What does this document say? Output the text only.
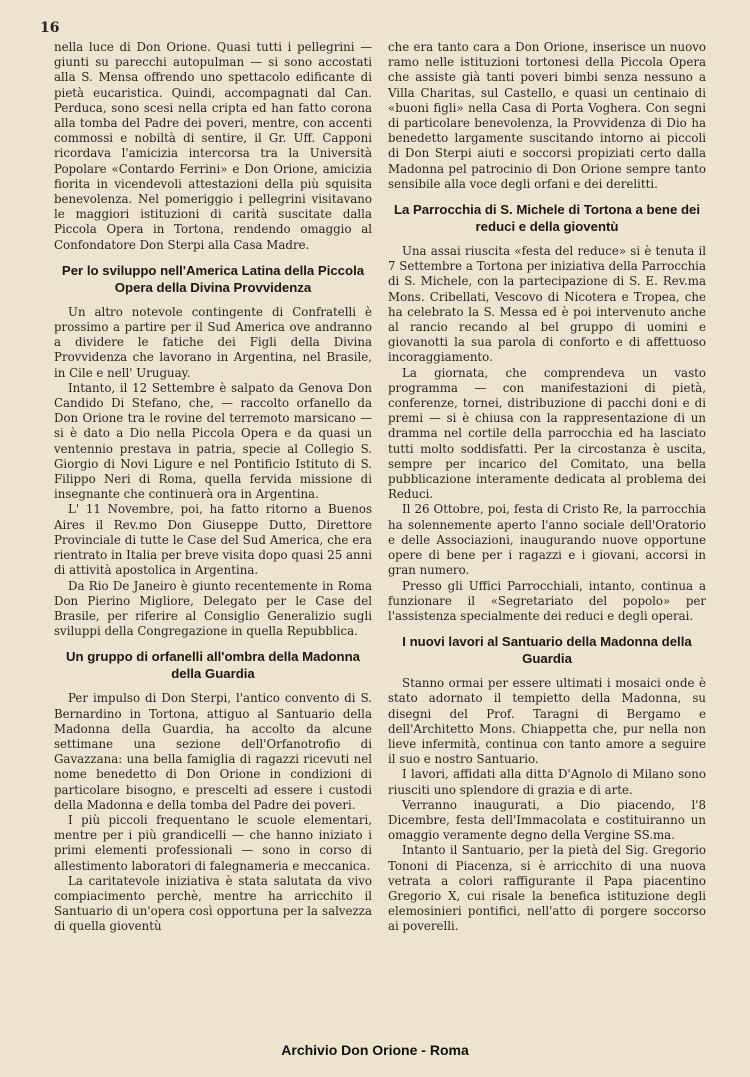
16

nella luce di Don Orione. Quasi tutti i pellegrini — giunti su parecchi autopulman — si sono accostati alla S. Mensa offrendo uno spettacolo edificante di pietà eucaristica. Quindi, accompagnati dal Can. Perduca, sono scesi nella cripta ed han fatto corona alla tomba del Padre dei poveri, mentre, con accenti commossi e nobiltà di sentire, il Gr. Uff. Capponi ricordava l'amicizia intercorsa tra la Università Popolare «Contardo Ferrini» e Don Orione, amicizia fiorita in vicendevoli attestazioni della più squisita benevolenza. Nel pomeriggio i pellegrini visitavano le maggiori istituzioni di carità suscitate dalla Piccola Opera in Tortona, rendendo omaggio al Confondatore Don Sterpi alla Casa Madre.

Per lo sviluppo nell'America Latina della Piccola Opera della Divina Provvidenza

Un altro notevole contingente di Confratelli è prossimo a partire per il Sud America ove andranno a dividere le fatiche dei Figli della Divina Provvidenza che lavorano in Argentina, nel Brasile, in Cile e nell' Uruguay.

Intanto, il 12 Settembre è salpato da Genova Don Candido Di Stefano, che, — raccolto orfanello da Don Orione tra le rovine del terremoto marsicano — si è dato a Dio nella Piccola Opera e da quasi un ventennio prestava in patria, specie al Collegio S. Giorgio di Novi Ligure e nel Pontificio Istituto di S. Filippo Neri di Roma, quella fervida missione di insegnante che continuerà ora in Argentina.

L' 11 Novembre, poi, ha fatto ritorno a Buenos Aires il Rev.mo Don Giuseppe Dutto, Direttore Provinciale di tutte le Case del Sud America, che era rientrato in Italia per breve visita dopo quasi 25 anni di attività apostolica in Argentina.

Da Rio De Janeiro è giunto recentemente in Roma Don Pierino Migliore, Delegato per le Case del Brasile, per riferire al Consiglio Generalizio sugli sviluppi della Congregazione in quella Repubblica.

Un gruppo di orfanelli all'ombra della Madonna della Guardia

Per impulso di Don Sterpi, l'antico convento di S. Bernardino in Tortona, attiguo al Santuario della Madonna della Guardia, ha accolto da alcune settimane una sezione dell'Orfanotrofio di Gavazzana: una bella famiglia di ragazzi ricevuti nel nome benedetto di Don Orione in condizioni di particolare bisogno, e prescelti ad essere i custodi della Madonna e della tomba del Padre dei poveri.

I più piccoli frequentano le scuole elementari, mentre per i più grandicelli — che hanno iniziato i primi elementi professionali — sono in corso di allestimento laboratori di falegnameria e meccanica.

La caritatevole iniziativa è stata salutata da vivo compiacimento perchè, mentre ha arricchito il Santuario di un'opera così opportuna per la salvezza di quella gioventù

che era tanto cara a Don Orione, inserisce un nuovo ramo nelle istituzioni tortonesi della Piccola Opera che assiste già tanti poveri bimbi senza nessuno a Villa Charitas, sul Castello, e quasi un centinaio di «buoni figli» nella Casa di Porta Voghera. Con segni di particolare benevolenza, la Provvidenza di Dio ha benedetto largamente suscitando intorno ai piccoli di Don Sterpi aiuti e soccorsi propiziati certo dalla Madonna pel patrocinio di Don Orione sempre tanto sensibile alla voce degli orfani e dei derelitti.

La Parrocchia di S. Michele di Tortona a bene dei reduci e della gioventù

Una assai riuscita «festa del reduce» si è tenuta il 7 Settembre a Tortona per iniziativa della Parrocchia di S. Michele, con la partecipazione di S. E. Rev.ma Mons. Cribellati, Vescovo di Nicotera e Tropea, che ha celebrato la S. Messa ed è poi intervenuto anche al rancio recando al bel gruppo di uomini e giovanotti la sua parola di conforto e di affettuoso incoraggiamento.

La giornata, che comprendeva un vasto programma — con manifestazioni di pietà, conferenze, tornei, distribuzione di pacchi doni e di premi — si è chiusa con la rappresentazione di un dramma nel cortile della parrocchia ed ha lasciato tutti molto soddisfatti. Per la circostanza è uscita, sempre per incarico del Comitato, una bella pubblicazione interamente dedicata al problema dei Reduci.

Il 26 Ottobre, poi, festa di Cristo Re, la parrocchia ha solennemente aperto l'anno sociale dell'Oratorio e delle Associazioni, inaugurando nuove opportune opere di bene per i ragazzi e i giovani, accorsi in gran numero.

Presso gli Uffici Parrocchiali, intanto, continua a funzionare il «Segretariato del popolo» per l'assistenza specialmente dei reduci e degli operai.

I nuovi lavori al Santuario della Madonna della Guardia

Stanno ormai per essere ultimati i mosaici onde è stato adornato il tempietto della Madonna, su disegni del Prof. Taragni di Bergamo e dell'Architetto Mons. Chiappetta che, pur nella non lieve infermità, continua con tanto amore a seguire il suo e nostro Santuario.

I lavori, affidati alla ditta D'Agnolo di Milano sono riusciti uno splendore di grazia e di arte.

Verranno inaugurati, a Dio piacendo, l'8 Dicembre, festa dell'Immacolata e costituiranno un omaggio veramente degno della Vergine SS.ma.

Intanto il Santuario, per la pietà del Sig. Gregorio Tononi di Piacenza, si è arricchito di una nuova vetrata a colori raffigurante il Papa piacentino Gregorio X, cui risale la benefica istituzione degli elemosinieri pontifici, nell'atto di porgere soccorso ai poverelli.

Archivio Don Orione - Roma
